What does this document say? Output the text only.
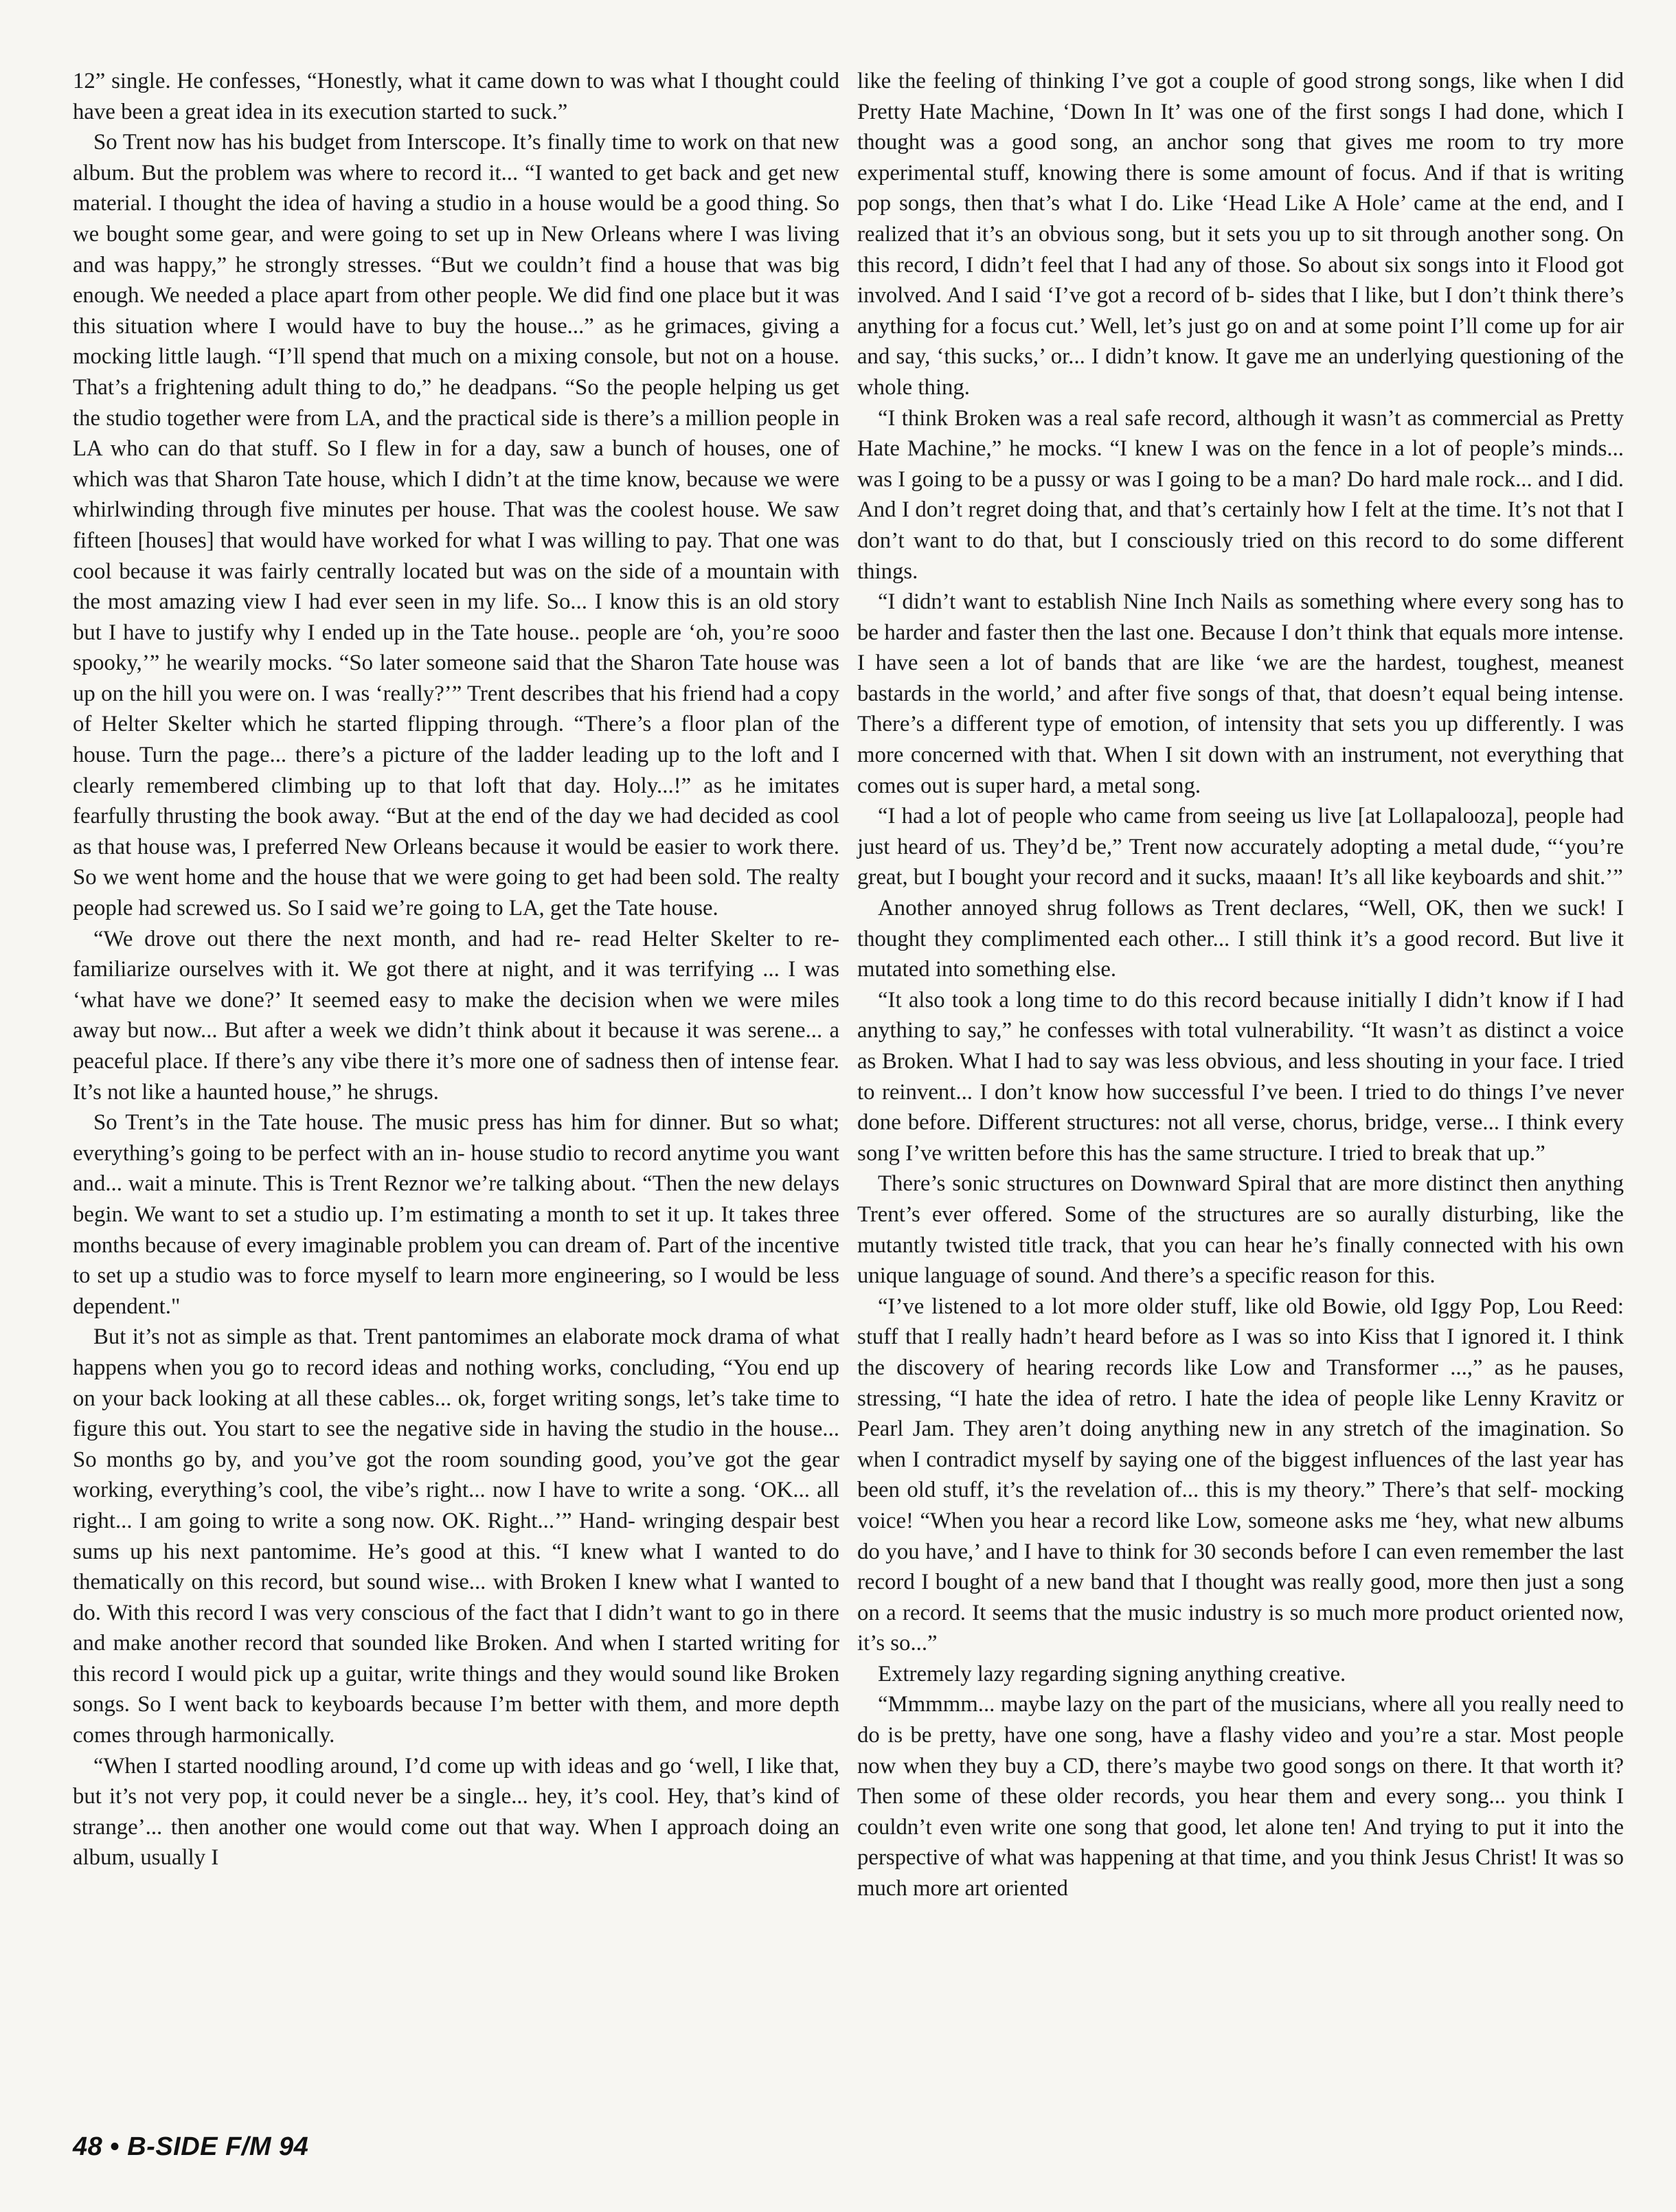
12” single. He confesses, “Honestly, what it came down to was what I thought could have been a great idea in its execution started to suck.”

So Trent now has his budget from Interscope. It’s finally time to work on that new album. But the problem was where to record it... “I wanted to get back and get new material. I thought the idea of having a studio in a house would be a good thing. So we bought some gear, and were going to set up in New Orleans where I was living and was happy,” he strongly stresses. “But we couldn’t find a house that was big enough. We needed a place apart from other people. We did find one place but it was this situation where I would have to buy the house...” as he grimaces, giving a mocking little laugh. “I’ll spend that much on a mixing console, but not on a house. That’s a frightening adult thing to do,” he deadpans. “So the people helping us get the studio together were from LA, and the practical side is there’s a million people in LA who can do that stuff. So I flew in for a day, saw a bunch of houses, one of which was that Sharon Tate house, which I didn’t at the time know, because we were whirlwinding through five minutes per house. That was the coolest house. We saw fifteen [houses] that would have worked for what I was willing to pay. That one was cool because it was fairly centrally located but was on the side of a mountain with the most amazing view I had ever seen in my life. So... I know this is an old story but I have to justify why I ended up in the Tate house.. people are ‘oh, you’re sooo spooky,’” he wearily mocks. “So later someone said that the Sharon Tate house was up on the hill you were on. I was ‘really?’” Trent describes that his friend had a copy of Helter Skelter which he started flipping through. “There’s a floor plan of the house. Turn the page... there’s a picture of the ladder leading up to the loft and I clearly remembered climbing up to that loft that day. Holy...!” as he imitates fearfully thrusting the book away. “But at the end of the day we had decided as cool as that house was, I preferred New Orleans because it would be easier to work there. So we went home and the house that we were going to get had been sold. The realty people had screwed us. So I said we’re going to LA, get the Tate house.

“We drove out there the next month, and had re- read Helter Skelter to re-familiarize ourselves with it. We got there at night, and it was terrifying ... I was ‘what have we done?’ It seemed easy to make the decision when we were miles away but now... But after a week we didn’t think about it because it was serene... a peaceful place. If there’s any vibe there it’s more one of sadness then of intense fear. It’s not like a haunted house,” he shrugs.

So Trent’s in the Tate house. The music press has him for dinner. But so what; everything’s going to be perfect with an in- house studio to record anytime you want and... wait a minute. This is Trent Reznor we’re talking about. “Then the new delays begin. We want to set a studio up. I’m estimating a month to set it up. It takes three months because of every imaginable problem you can dream of. Part of the incentive to set up a studio was to force myself to learn more engineering, so I would be less dependent."

But it’s not as simple as that. Trent pantomimes an elaborate mock drama of what happens when you go to record ideas and nothing works, concluding, “You end up on your back looking at all these cables... ok, forget writing songs, let’s take time to figure this out. You start to see the negative side in having the studio in the house... So months go by, and you’ve got the room sounding good, you’ve got the gear working, everything’s cool, the vibe’s right... now I have to write a song. ‘OK... all right... I am going to write a song now. OK. Right...’” Hand- wringing despair best sums up his next pantomime. He’s good at this. “I knew what I wanted to do thematically on this record, but sound wise... with Broken I knew what I wanted to do. With this record I was very conscious of the fact that I didn’t want to go in there and make another record that sounded like Broken. And when I started writing for this record I would pick up a guitar, write things and they would sound like Broken songs. So I went back to keyboards because I’m better with them, and more depth comes through harmonically.

“When I started noodling around, I’d come up with ideas and go ‘well, I like that, but it’s not very pop, it could never be a single... hey, it’s cool. Hey, that’s kind of strange’... then another one would come out that way. When I approach doing an album, usually I

like the feeling of thinking I’ve got a couple of good strong songs, like when I did Pretty Hate Machine, ‘Down In It’ was one of the first songs I had done, which I thought was a good song, an anchor song that gives me room to try more experimental stuff, knowing there is some amount of focus. And if that is writing pop songs, then that’s what I do. Like ‘Head Like A Hole’ came at the end, and I realized that it’s an obvious song, but it sets you up to sit through another song. On this record, I didn’t feel that I had any of those. So about six songs into it Flood got involved. And I said ‘I’ve got a record of b- sides that I like, but I don’t think there’s anything for a focus cut.’ Well, let’s just go on and at some point I’ll come up for air and say, ‘this sucks,’ or... I didn’t know. It gave me an underlying questioning of the whole thing.

“I think Broken was a real safe record, although it wasn’t as commercial as Pretty Hate Machine,” he mocks. “I knew I was on the fence in a lot of people’s minds... was I going to be a pussy or was I going to be a man? Do hard male rock... and I did. And I don’t regret doing that, and that’s certainly how I felt at the time. It’s not that I don’t want to do that, but I consciously tried on this record to do some different things.

“I didn’t want to establish Nine Inch Nails as something where every song has to be harder and faster then the last one. Because I don’t think that equals more intense. I have seen a lot of bands that are like ‘we are the hardest, toughest, meanest bastards in the world,’ and after five songs of that, that doesn’t equal being intense. There’s a different type of emotion, of intensity that sets you up differently. I was more concerned with that. When I sit down with an instrument, not everything that comes out is super hard, a metal song.

“I had a lot of people who came from seeing us live [at Lollapalooza], people had just heard of us. They’d be,” Trent now accurately adopting a metal dude, “‘you’re great, but I bought your record and it sucks, maaan! It’s all like keyboards and shit.’”

Another annoyed shrug follows as Trent declares, “Well, OK, then we suck! I thought they complimented each other... I still think it’s a good record. But live it mutated into something else.

“It also took a long time to do this record because initially I didn’t know if I had anything to say,” he confesses with total vulnerability. “It wasn’t as distinct a voice as Broken. What I had to say was less obvious, and less shouting in your face. I tried to reinvent... I don’t know how successful I’ve been. I tried to do things I’ve never done before. Different structures: not all verse, chorus, bridge, verse... I think every song I’ve written before this has the same structure. I tried to break that up.”

There’s sonic structures on Downward Spiral that are more distinct then anything Trent’s ever offered. Some of the structures are so aurally disturbing, like the mutantly twisted title track, that you can hear he’s finally connected with his own unique language of sound. And there’s a specific reason for this.

“I’ve listened to a lot more older stuff, like old Bowie, old Iggy Pop, Lou Reed: stuff that I really hadn’t heard before as I was so into Kiss that I ignored it. I think the discovery of hearing records like Low and Transformer ...,” as he pauses, stressing, “I hate the idea of retro. I hate the idea of people like Lenny Kravitz or Pearl Jam. They aren’t doing anything new in any stretch of the imagination. So when I contradict myself by saying one of the biggest influences of the last year has been old stuff, it’s the revelation of... this is my theory.” There’s that self- mocking voice! “When you hear a record like Low, someone asks me ‘hey, what new albums do you have,’ and I have to think for 30 seconds before I can even remember the last record I bought of a new band that I thought was really good, more then just a song on a record. It seems that the music industry is so much more product oriented now, it’s so...”

Extremely lazy regarding signing anything creative.

“Mmmmm... maybe lazy on the part of the musicians, where all you really need to do is be pretty, have one song, have a flashy video and you’re a star. Most people now when they buy a CD, there’s maybe two good songs on there. It that worth it? Then some of these older records, you hear them and every song... you think I couldn’t even write one song that good, let alone ten! And trying to put it into the perspective of what was happening at that time, and you think Jesus Christ! It was so much more art oriented

48 • B-SIDE F/M 94
